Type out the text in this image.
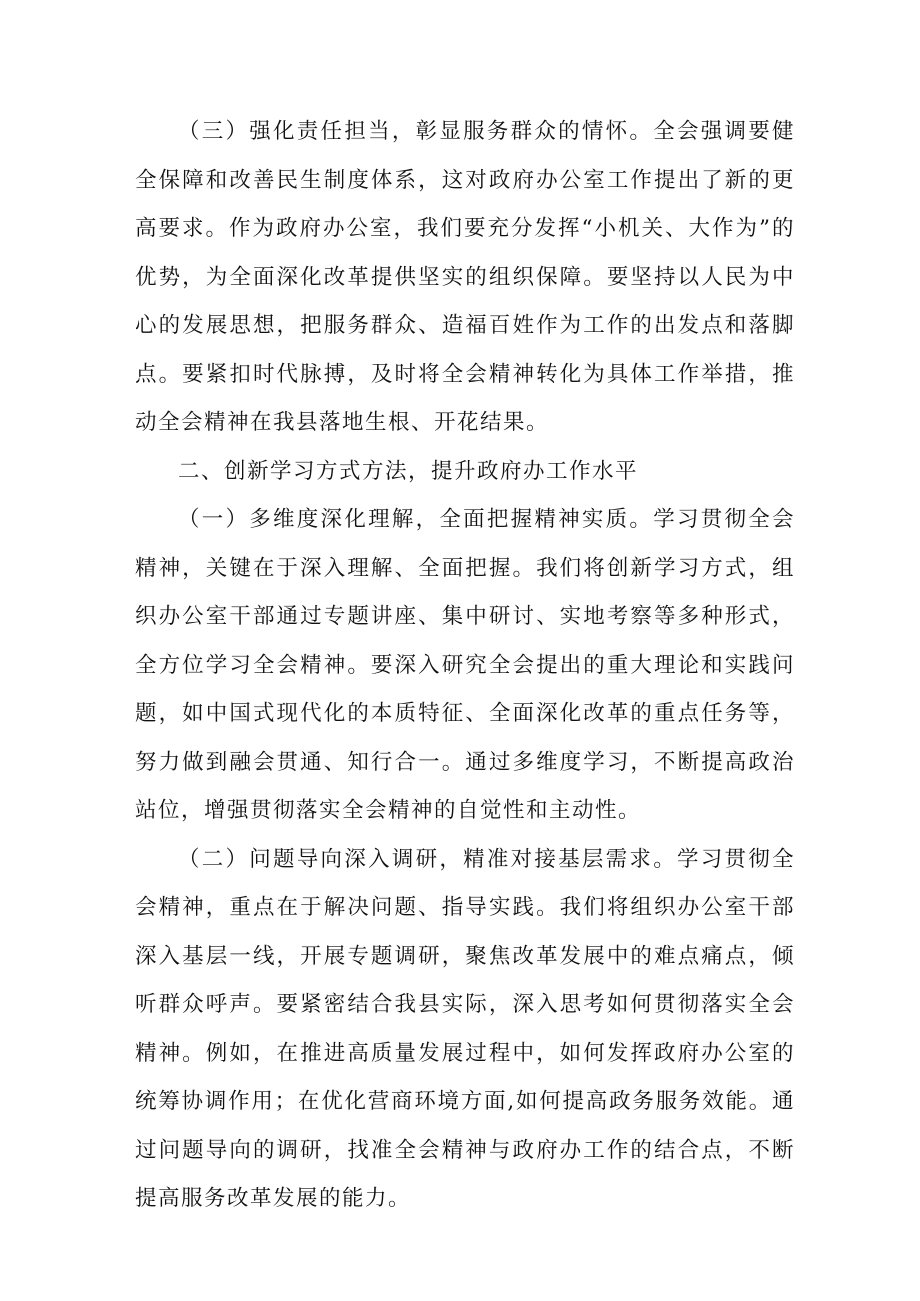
（三）强化责任担当，彰显服务群众的情怀。全会强调要健全保障和改善民生制度体系，这对政府办公室工作提出了新的更高要求。作为政府办公室，我们要充分发挥“小机关、大作为”的优势，为全面深化改革提供坚实的组织保障。要坚持以人民为中心的发展思想，把服务群众、造福百姓作为工作的出发点和落脚点。要紧扣时代脉搏，及时将全会精神转化为具体工作举措，推动全会精神在我县落地生根、开花结果。

二、创新学习方式方法，提升政府办工作水平

（一）多维度深化理解，全面把握精神实质。学习贯彻全会精神，关键在于深入理解、全面把握。我们将创新学习方式，组织办公室干部通过专题讲座、集中研讨、实地考察等多种形式，全方位学习全会精神。要深入研究全会提出的重大理论和实践问题，如中国式现代化的本质特征、全面深化改革的重点任务等，努力做到融会贯通、知行合一。通过多维度学习，不断提高政治站位，增强贯彻落实全会精神的自觉性和主动性。

（二）问题导向深入调研，精准对接基层需求。学习贯彻全会精神，重点在于解决问题、指导实践。我们将组织办公室干部深入基层一线，开展专题调研，聚焦改革发展中的难点痛点，倾听群众呼声。要紧密结合我县实际，深入思考如何贯彻落实全会精神。例如，在推进高质量发展过程中，如何发挥政府办公室的统筹协调作用；在优化营商环境方面,如何提高政务服务效能。通过问题导向的调研，找准全会精神与政府办工作的结合点，不断提高服务改革发展的能力。
